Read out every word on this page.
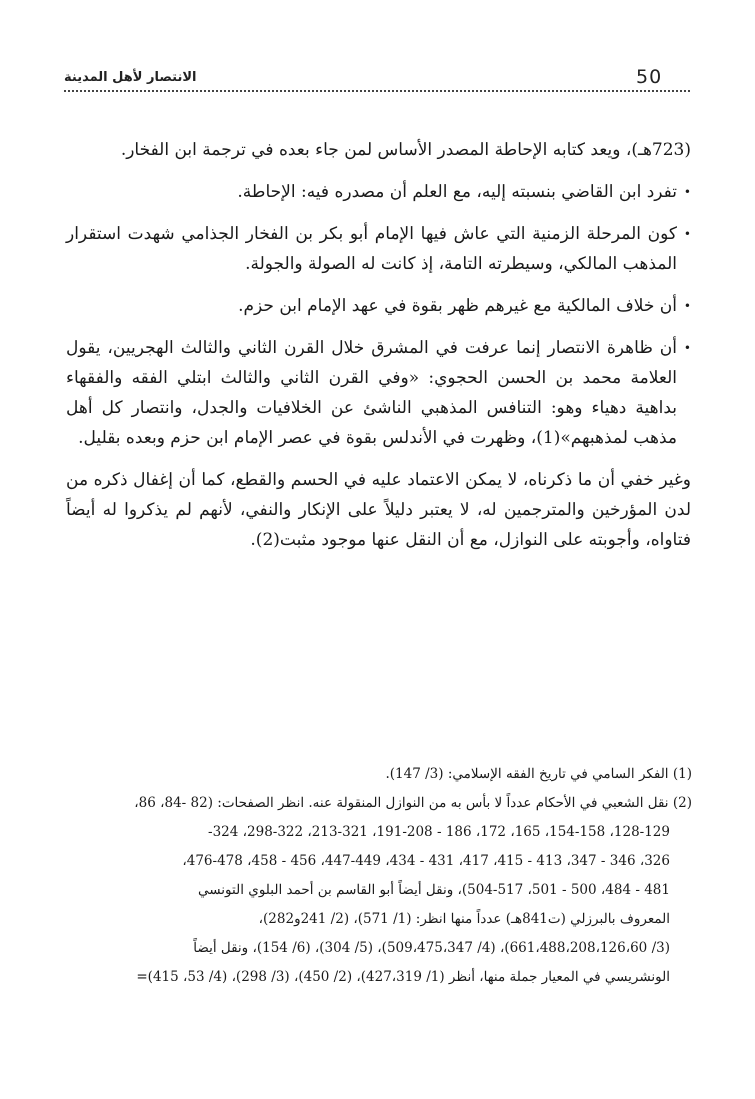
50
الانتصار لأهل المدينة

(723هـ)، ويعد كتابه الإحاطة المصدر الأساس لمن جاء بعده في ترجمة ابن الفخار.

•
تفرد ابن القاضي بنسبته إليه، مع العلم أن مصدره فيه: الإحاطة.

•
كون المرحلة الزمنية التي عاش فيها الإمام أبو بكر بن الفخار الجذامي شهدت استقرار المذهب المالكي، وسيطرته التامة، إذ كانت له الصولة والجولة.

•
أن خلاف المالكية مع غيرهم ظهر بقوة في عهد الإمام ابن حزم.

•
أن ظاهرة الانتصار إنما عرفت في المشرق خلال القرن الثاني والثالث الهجريين، يقول العلامة محمد بن الحسن الحجوي: «وفي القرن الثاني والثالث ابتلي الفقه والفقهاء بداهية دهياء وهو: التنافس المذهبي الناشئ عن الخلافيات والجدل، وانتصار كل أهل مذهب لمذهبهم»(1)، وظهرت في الأندلس بقوة في عصر الإمام ابن حزم وبعده بقليل.

وغير خفي أن ما ذكرناه، لا يمكن الاعتماد عليه في الحسم والقطع، كما أن إغفال ذكره من لدن المؤرخين والمترجمين له، لا يعتبر دليلاً على الإنكار والنفي، لأنهم لم يذكروا له أيضاً فتاواه، وأجوبته على النوازل، مع أن النقل عنها موجود مثبت(2).

(1) الفكر السامي في تاريخ الفقه الإسلامي: (3/ 147).

(2) نقل الشعبي في الأحكام عدداً لا بأس به من النوازل المنقولة عنه. انظر الصفحات: (82 -84، 86،

128-129، 154-158، 165، 172، 186 - 191-208، 213-321، 298-322، 324-

326، 346 - 347، 413 - 415، 417، 431 - 434، 447-449، 456 - 458، 476-478،

481 - 484، 500 - 501، 504-517)، ونقل أيضاً أبو القاسم بن أحمد البلوي التونسي

المعروف بالبرزلي (ت841هـ) عدداً منها انظر: (1/ 571)، (2/ 241و282)،

(3/ 661،488،208،126،60)، (4/ 509،475،347)، (5/ 304)، (6/ 154)، ونقل أيضاً

الونشريسي في المعيار جملة منها، أنظر (1/ 427،319)، (2/ 450)، (3/ 298)، (4/ 53، 415)=
